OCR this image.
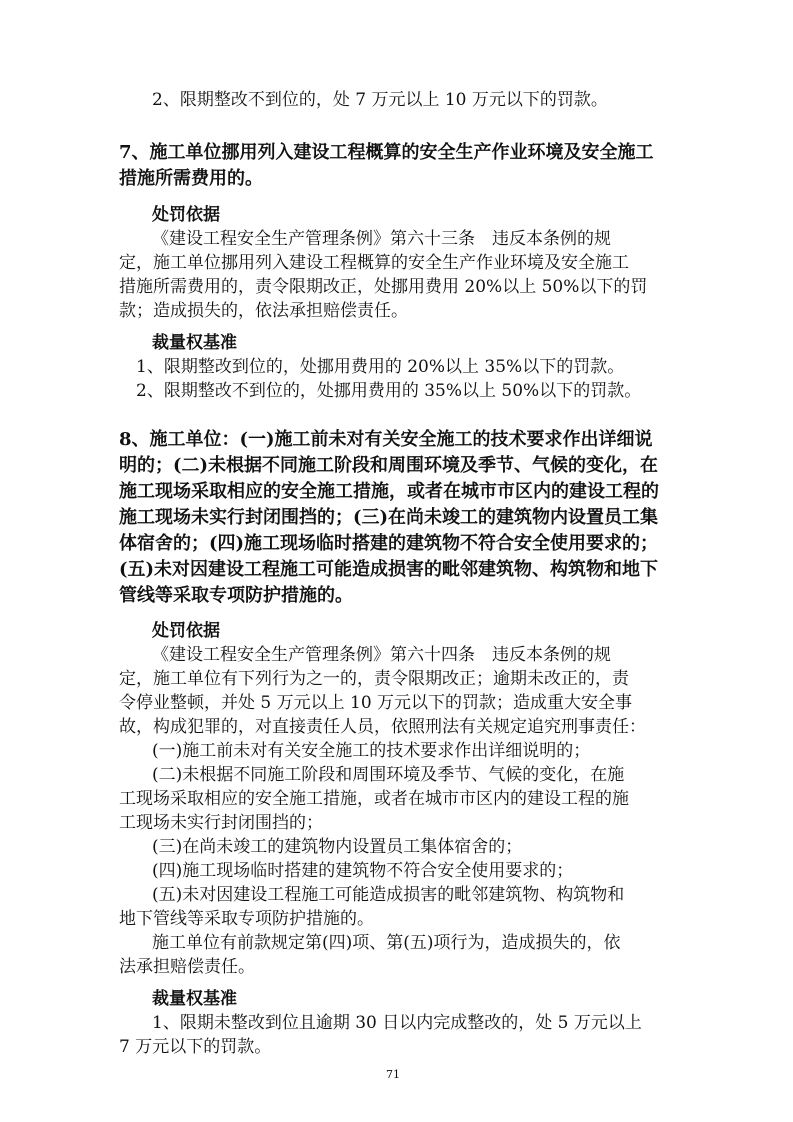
2、限期整改不到位的，处 7 万元以上 10 万元以下的罚款。
7、施工单位挪用列入建设工程概算的安全生产作业环境及安全施工
措施所需费用的。
处罚依据
《建设工程安全生产管理条例》第六十三条　违反本条例的规
定，施工单位挪用列入建设工程概算的安全生产作业环境及安全施工
措施所需费用的，责令限期改正，处挪用费用 20%以上 50%以下的罚
款；造成损失的，依法承担赔偿责任。
裁量权基准
1、限期整改到位的，处挪用费用的 20%以上 35%以下的罚款。
2、限期整改不到位的，处挪用费用的 35%以上 50%以下的罚款。
8、施工单位：(一)施工前未对有关安全施工的技术要求作出详细说
明的；(二)未根据不同施工阶段和周围环境及季节、气候的变化，在
施工现场采取相应的安全施工措施，或者在城市市区内的建设工程的
施工现场未实行封闭围挡的；(三)在尚未竣工的建筑物内设置员工集
体宿舍的；(四)施工现场临时搭建的建筑物不符合安全使用要求的；
(五)未对因建设工程施工可能造成损害的毗邻建筑物、构筑物和地下
管线等采取专项防护措施的。
处罚依据
《建设工程安全生产管理条例》第六十四条　违反本条例的规
定，施工单位有下列行为之一的，责令限期改正；逾期未改正的，责
令停业整顿，并处 5 万元以上 10 万元以下的罚款；造成重大安全事
故，构成犯罪的，对直接责任人员，依照刑法有关规定追究刑事责任：
(一)施工前未对有关安全施工的技术要求作出详细说明的；
(二)未根据不同施工阶段和周围环境及季节、气候的变化，在施
工现场采取相应的安全施工措施，或者在城市市区内的建设工程的施
工现场未实行封闭围挡的；
(三)在尚未竣工的建筑物内设置员工集体宿舍的；
(四)施工现场临时搭建的建筑物不符合安全使用要求的；
(五)未对因建设工程施工可能造成损害的毗邻建筑物、构筑物和
地下管线等采取专项防护措施的。
施工单位有前款规定第(四)项、第(五)项行为，造成损失的，依
法承担赔偿责任。
裁量权基准
1、限期未整改到位且逾期 30 日以内完成整改的，处 5 万元以上
7 万元以下的罚款。
71
